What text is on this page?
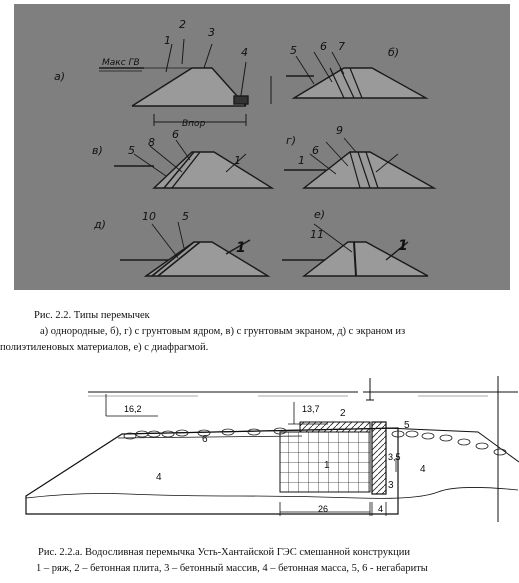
а)
Макс ГВ
1
2
3
4
Впор
5 6 7	б)
в) 5
8
6
1
г)
1
6
9
д)
10 5
1
е)
11
1
Рис. 2.2. Типы перемычек
а) однородные, б), г) с грунтовым ядром, в) с грунтовым экраном, д) с экраном из
полиэтиленовых материалов, е) с диафрагмой.
16,2	13,7
26	4
3,5
6
2
1
3
4
4
5
Рис. 2.2.а. Водосливная перемычка Усть-Хантайской ГЭС смешанной конструкции
1 – ряж, 2 – бетонная плита, 3 – бетонный массив, 4 – бетонная масса, 5, 6 - негабариты
